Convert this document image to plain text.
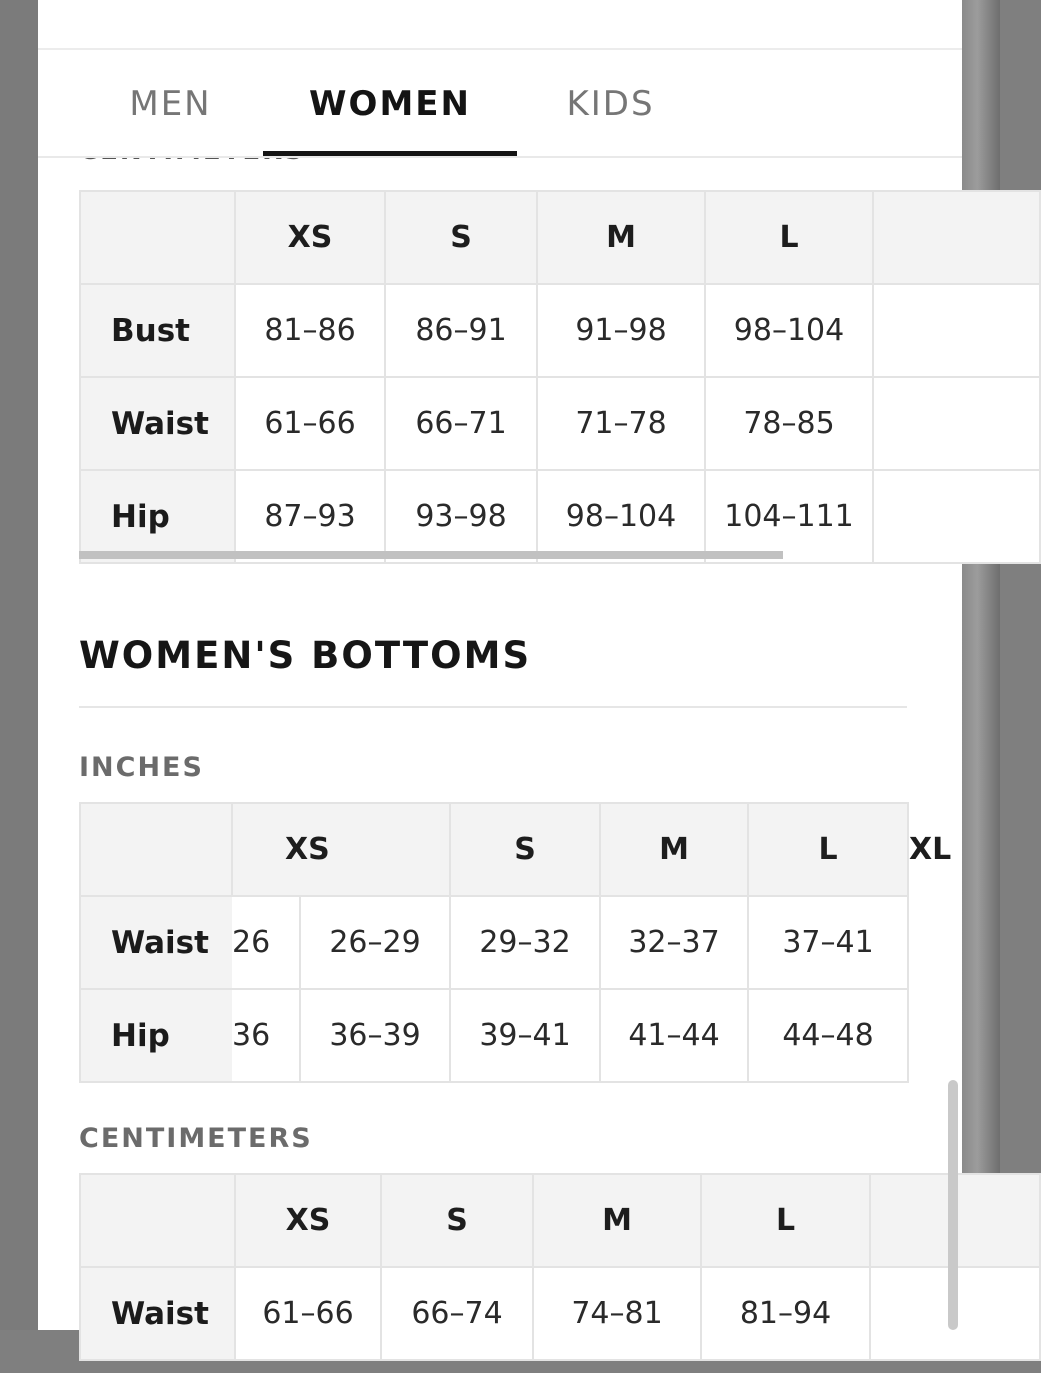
MEN	WOMEN	KIDS
	XS	S	M	L	
Bust	81–86	86–91	91–98	98–104	
Waist	61–66	66–71	71–78	78–85	
Hip	87–93	93–98	98–104	104–111	
WOMEN'S BOTTOMS
INCHES
	XS		S	M	L	XL
Waist	26	26–29	29–32	32–37	37–41	
Hip	36	36–39	39–41	41–44	44–48	
CENTIMETERS
	XS	S	M	L	
Waist	61–66	66–74	74–81	81–94	
